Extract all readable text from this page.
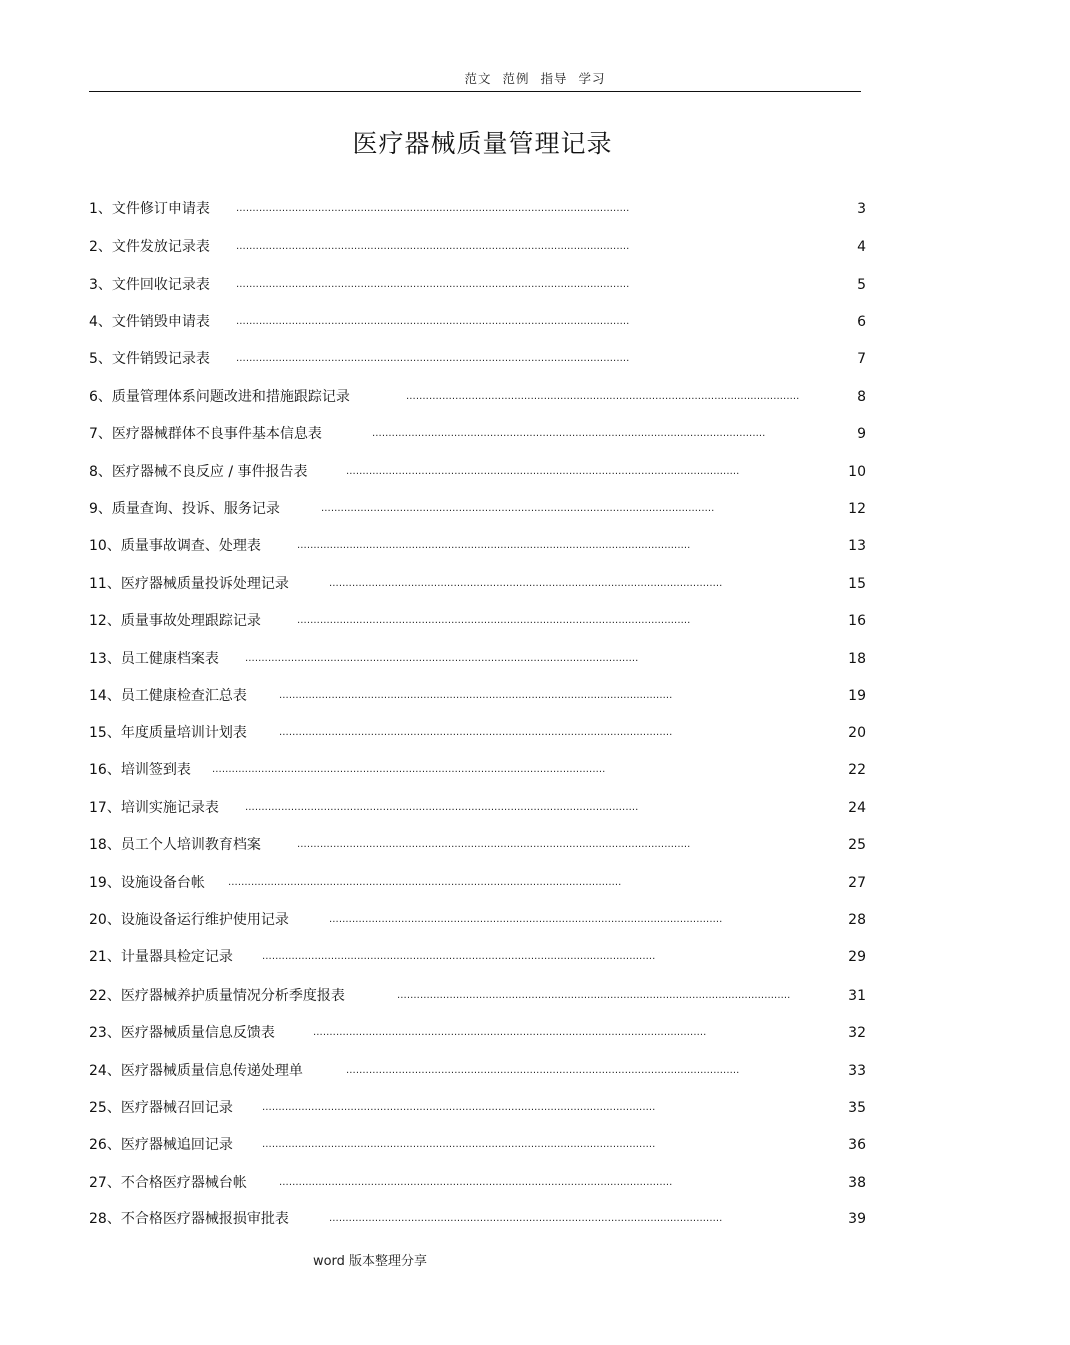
范文 范例 指导 学习
医疗器械质量管理记录
1、文件修订申请表	........................................................................................................................	3
2、文件发放记录表	........................................................................................................................	4
3、文件回收记录表	........................................................................................................................	5
4、文件销毁申请表	........................................................................................................................	6
5、文件销毁记录表	........................................................................................................................	7
6、质量管理体系问题改进和措施跟踪记录	........................................................................................................................	8
7、医疗器械群体不良事件基本信息表	........................................................................................................................	9
8、医疗器械不良反应 / 事件报告表	........................................................................................................................	10
9、质量查询、投诉、服务记录	........................................................................................................................	12
10、质量事故调查、处理表	........................................................................................................................	13
11、医疗器械质量投诉处理记录	........................................................................................................................	15
12、质量事故处理跟踪记录	........................................................................................................................	16
13、员工健康档案表	........................................................................................................................	18
14、员工健康检查汇总表	........................................................................................................................	19
15、年度质量培训计划表	........................................................................................................................	20
16、培训签到表 ........................................................................................................................	22
17、培训实施记录表	........................................................................................................................	24
18、员工个人培训教育档案	........................................................................................................................	25
19、设施设备台帐 ........................................................................................................................	27
20、设施设备运行维护使用记录	........................................................................................................................	28
21、计量器具检定记录	........................................................................................................................	29
22、医疗器械养护质量情况分析季度报表	........................................................................................................................	31
23、医疗器械质量信息反馈表	........................................................................................................................	32
24、医疗器械质量信息传递处理单	........................................................................................................................	33
25、医疗器械召回记录	........................................................................................................................	35
26、医疗器械追回记录	........................................................................................................................	36
27、不合格医疗器械台帐	........................................................................................................................	38
28、不合格医疗器械报损审批表	........................................................................................................................	39
word 版本整理分享
